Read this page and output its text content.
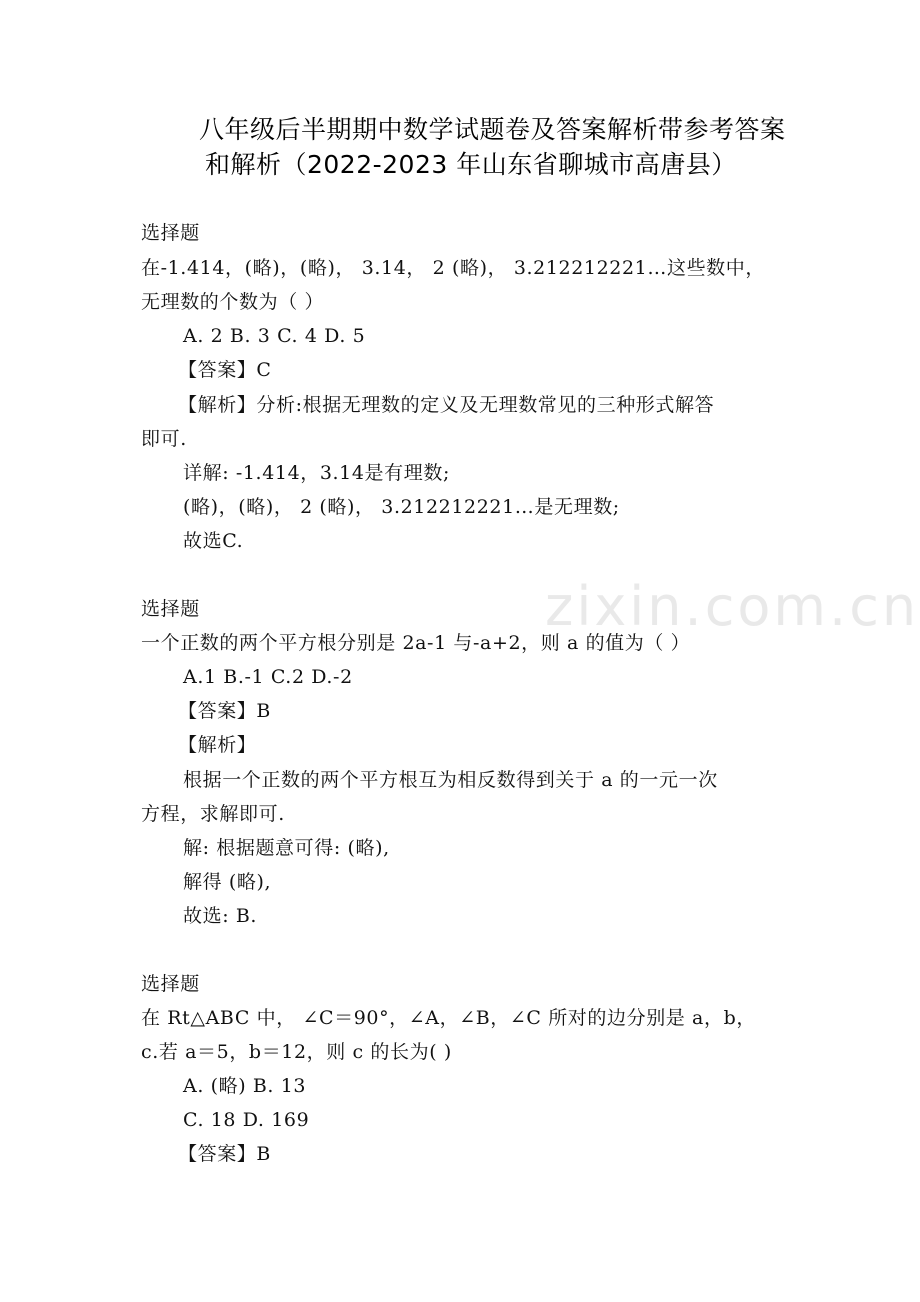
zixin.com.cn
八年级后半期期中数学试题卷及答案解析带参考答案
和解析（2022-2023 年山东省聊城市高唐县）
选择题
在-1.414，(略)，(略)， 3.14， 2 (略)， 3.212212221…这些数中，
无理数的个数为（ ）
A. 2 B. 3 C. 4 D. 5
【答案】C
【解析】分析:根据无理数的定义及无理数常见的三种形式解答
即可.
详解: -1.414，3.14是有理数;
(略)，(略)， 2 (略)， 3.212212221…是无理数;
故选C.
选择题
一个正数的两个平方根分别是 2a-1 与-a+2，则 a 的值为（ ）
A.1 B.-1 C.2 D.-2
【答案】B
【解析】
根据一个正数的两个平方根互为相反数得到关于 a 的一元一次
方程，求解即可.
解: 根据题意可得: (略),
解得 (略),
故选: B.
选择题
在 Rt△ABC 中， ∠C＝90°，∠A，∠B，∠C 所对的边分别是 a，b，
c.若 a＝5，b＝12，则 c 的长为( )
A. (略) B. 13
C. 18 D. 169
【答案】B
